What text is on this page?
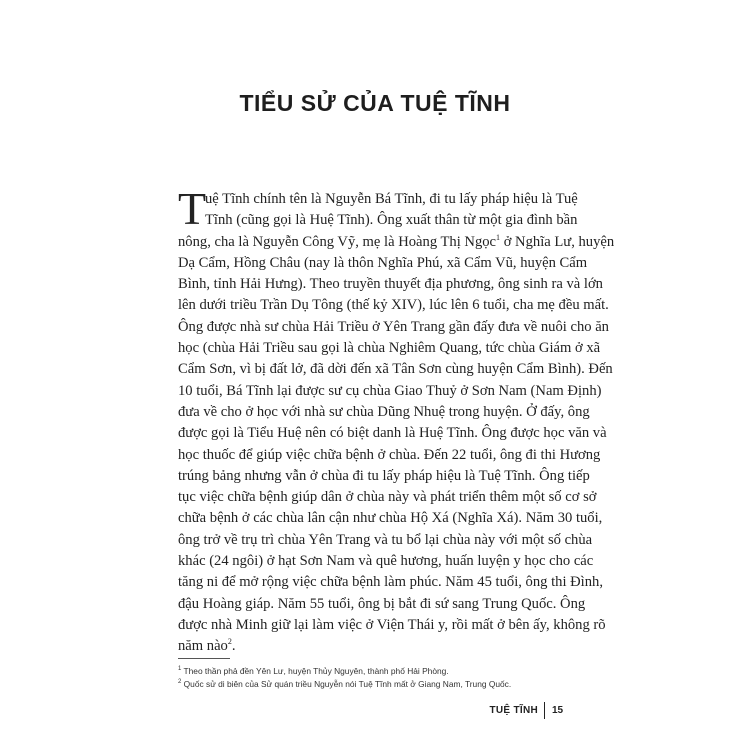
TIỂU SỬ CỦA TUỆ TĨNH
T
uệ Tĩnh chính tên là Nguyễn Bá Tĩnh, đi tu lấy pháp hiệu là Tuệ
Tĩnh (cũng gọi là Huệ Tĩnh). Ông xuất thân từ một gia đình bần
nông, cha là Nguyễn Công Vỹ, mẹ là Hoàng Thị Ngọc$^1$ ở Nghĩa Lư, huyện
Dạ Cẩm, Hồng Châu (nay là thôn Nghĩa Phú, xã Cẩm Vũ, huyện Cẩm
Bình, tỉnh Hải Hưng). Theo truyền thuyết địa phương, ông sinh ra và lớn
lên dưới triều Trần Dụ Tông (thế kỷ XIV), lúc lên 6 tuổi, cha mẹ đều mất.
Ông được nhà sư chùa Hải Triều ở Yên Trang gần đấy đưa về nuôi cho ăn
học (chùa Hải Triều sau gọi là chùa Nghiêm Quang, tức chùa Giám ở xã
Cẩm Sơn, vì bị đất lở, đã dời đến xã Tân Sơn cùng huyện Cẩm Bình). Đến
10 tuổi, Bá Tĩnh lại được sư cụ chùa Giao Thuỷ ở Sơn Nam (Nam Định)
đưa về cho ở học với nhà sư chùa Dũng Nhuệ trong huyện. Ở đấy, ông
được gọi là Tiểu Huệ nên có biệt danh là Huệ Tĩnh. Ông được học văn và
học thuốc để giúp việc chữa bệnh ở chùa. Đến 22 tuổi, ông đi thi Hương
trúng bảng nhưng vẫn ở chùa đi tu lấy pháp hiệu là Tuệ Tĩnh. Ông tiếp
tục việc chữa bệnh giúp dân ở chùa này và phát triển thêm một số cơ sở
chữa bệnh ở các chùa lân cận như chùa Hộ Xá (Nghĩa Xá). Năm 30 tuổi,
ông trở về trụ trì chùa Yên Trang và tu bổ lại chùa này với một số chùa
khác (24 ngôi) ở hạt Sơn Nam và quê hương, huấn luyện y học cho các
tăng ni để mở rộng việc chữa bệnh làm phúc. Năm 45 tuổi, ông thi Đình,
đậu Hoàng giáp. Năm 55 tuổi, ông bị bắt đi sứ sang Trung Quốc. Ông
được nhà Minh giữ lại làm việc ở Viện Thái y, rồi mất ở bên ấy, không rõ
năm nào$^2$.
$^1$ Theo thần phả đền Yên Lư, huyện Thủy Nguyên, thành phố Hải Phòng.
$^2$ Quốc sử di biên của Sử quán triều Nguyễn nói Tuệ Tĩnh mất ở Giang Nam, Trung Quốc.
TUỆ TĨNH 15
